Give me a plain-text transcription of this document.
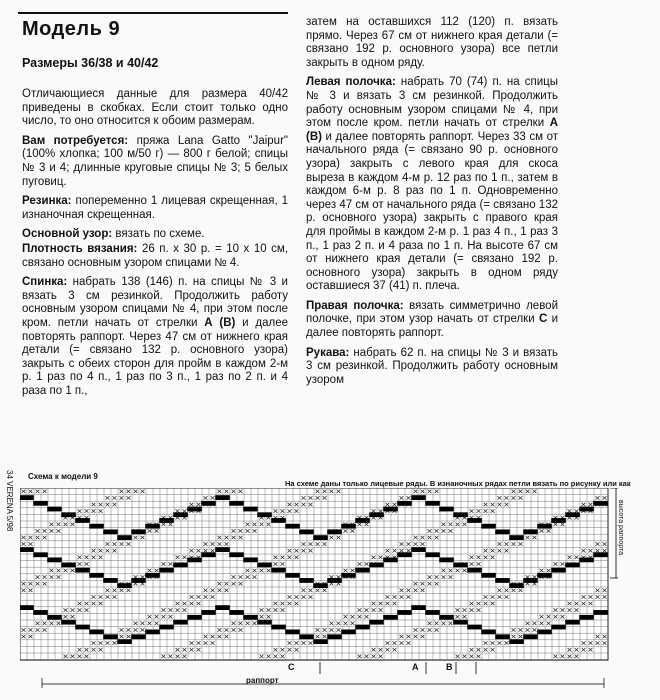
Модель 9
Размеры 36/38 и 40/42

Отличающиеся данные для размера 40/42 приведены в скобках. Если стоит только одно число, то оно относится к обоим размерам.

Вам потребуется: пряжа Lana Gatto "Jaipur" (100% хлопка; 100 м/50 г) — 800 г белой; спицы № 3 и 4; длинные круговые спицы № 3; 5 белых пуговиц.

Резинка: попеременно 1 лицевая скрещенная, 1 изнаночная скрещенная.

Основной узор: вязать по схеме.

Плотность вязания: 26 п. х 30 р. = 10 х 10 см, связано основным узором спицами № 4.

Спинка: набрать 138 (146) п. на спицы № 3 и вязать 3 см резинкой. Продолжить работу основным узором спицами № 4, при этом после кром. петли начать от стрелки А (В) и далее повторять раппорт. Через 47 см от нижнего края детали (= связано 132 р. основного узора) закрыть с обеих сторон для пройм в каждом 2-м р. 1 раз по 4 п., 1 раз по 3 п., 1 раз по 2 п. и 4 раза по 1 п.,

затем на оставшихся 112 (120) п. вязать прямо. Через 67 см от нижнего края детали (= связано 192 р. основного узора) все петли закрыть в одном ряду.

Левая полочка: набрать 70 (74) п. на спицы № 3 и вязать 3 см резинкой. Продолжить работу основным узором спицами № 4, при этом после кром. петли начать от стрелки А (В) и далее повторять раппорт. Через 33 см от начального ряда (= связано 90 р. основного узора) закрыть с левого края для скоса выреза в каждом 4-м р. 12 раз по 1 п., затем в каждом 6-м р. 8 раз по 1 п. Одновременно через 47 см от начального ряда (= связано 132 р. основного узора) закрыть с правого края для проймы в каждом 2-м р. 1 раз 4 п., 1 раз 3 п., 1 раз 2 п. и 4 раза по 1 п. На высоте 67 см от нижнего края детали (= связано 192 р. основного узора) закрыть в одном ряду оставшиеся 37 (41) п. плеча.

Правая полочка: вязать симметрично левой полочке, при этом узор начать от стрелки С и далее повторять раппорт.

Рукава: набрать 62 п. на спицы № 3 и вязать 3 см резинкой. Продолжить работу основным узором

34 VERENA 5/98 Схема к модели 9
На схеме даны только лицевые ряды. В изнаночных рядах петли вязать по рисунку или как
высота раппорта
C	A	B
раппорт
